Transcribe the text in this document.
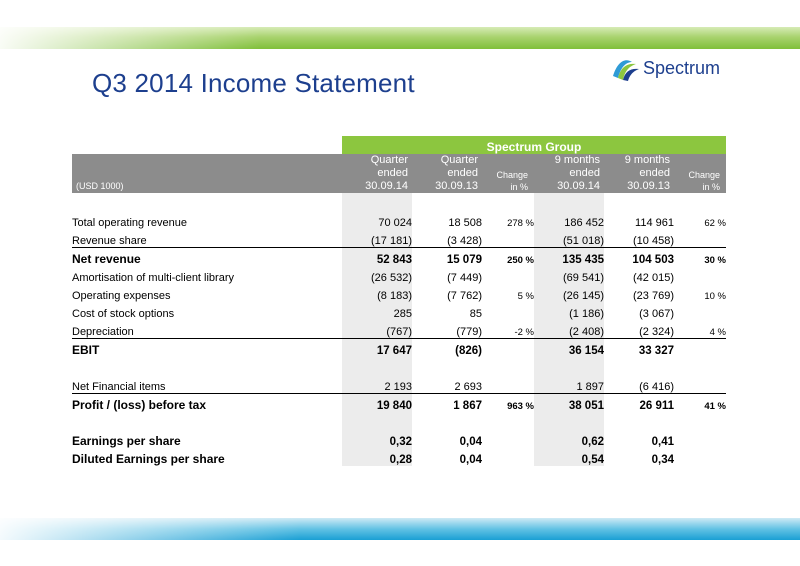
Q3 2014 Income Statement	Spectrum
	Spectrum Group					
(USD 1000)	Quarter
ended
30.09.14	Quarter
ended
30.09.13	Change
in %	9 months
ended
30.09.14	9 months
ended
30.09.13	Change
in %

Total operating revenue	70 024	18 508	278 %	186 452	114 961	62 %
Revenue share	(17 181)	(3 428)		(51 018)	(10 458)	
Net revenue	52 843	15 079	250 %	135 435	104 503	30 %
Amortisation of multi-client library	(26 532)	(7 449)		(69 541)	(42 015)	
Operating expenses	(8 183)	(7 762)	5 %	(26 145)	(23 769)	10 %
Cost of stock options	285	85		(1 186)	(3 067)	
Depreciation	(767)	(779)	-2 %	(2 408)	(2 324)	4 %
EBIT	17 647	(826)		36 154	33 327	

Net Financial items	2 193	2 693		1 897	(6 416)	
Profit / (loss) before tax	19 840	1 867	963 %	38 051	26 911	41 %

Earnings per share	0,32	0,04		0,62	0,41	
Diluted Earnings per share	0,28	0,04		0,54	0,34	
